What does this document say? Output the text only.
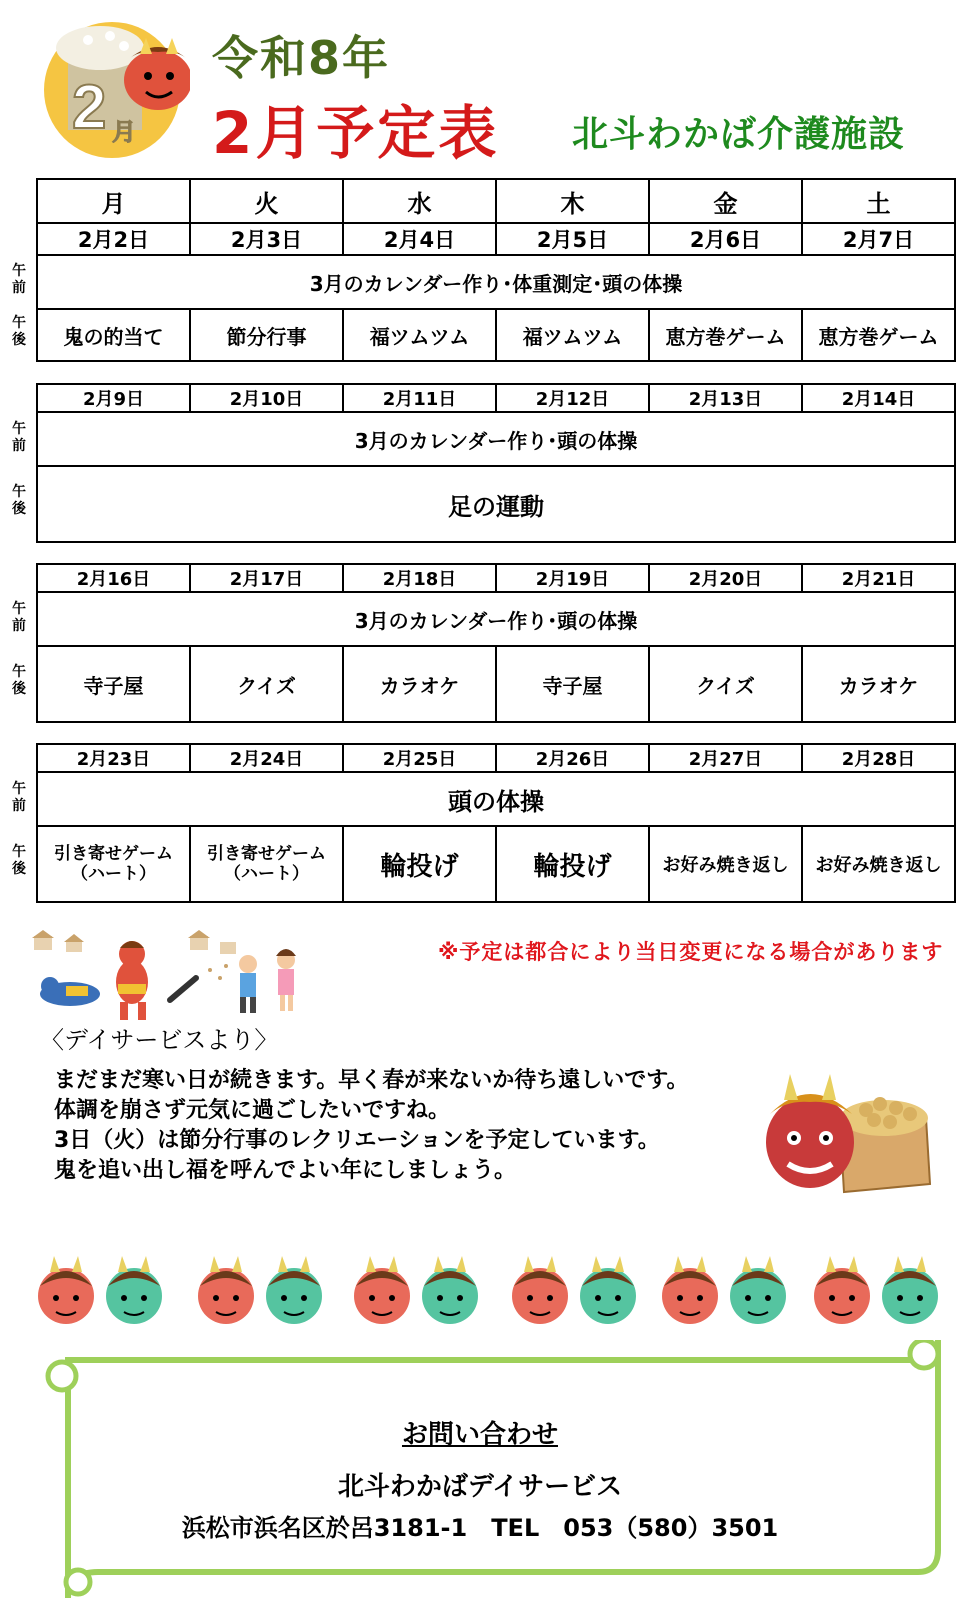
2 月
令和8年
2月予定表 北斗わかば介護施設
月	火	水	木	金	土
2月2日	2月3日	2月4日	2月5日	2月6日	2月7日
3月のカレンダー作り･体重測定･頭の体操					
鬼の的当て	節分行事	福ツムツム	福ツムツム	恵方巻ゲーム	恵方巻ゲーム
午前
午後
2月9日	2月10日	2月11日	2月12日	2月13日	2月14日
3月のカレンダー作り･頭の体操
足の運動
午前
午後
2月16日	2月17日	2月18日	2月19日	2月20日	2月21日
3月のカレンダー作り･頭の体操					
寺子屋	クイズ	カラオケ	寺子屋	クイズ	カラオケ
午前
午後
2月23日	2月24日	2月25日	2月26日	2月27日	2月28日
頭の体操					
引き寄せゲーム
（ハート）	引き寄せゲーム
（ハート）	輪投げ	輪投げ	お好み焼き返し	お好み焼き返し
午前
午後
※予定は都合により当日変更になる場合があります
〈デイサービスより〉
まだまだ寒い日が続きます。早く春が来ないか待ち遠しいです。
体調を崩さず元気に過ごしたいですね。
3日（火）は節分行事のレクリエーションを予定しています。
鬼を追い出し福を呼んでよい年にしましょう。
お問い合わせ
北斗わかばデイサービス
浜松市浜名区於呂3181-1　TEL　053（580）3501
